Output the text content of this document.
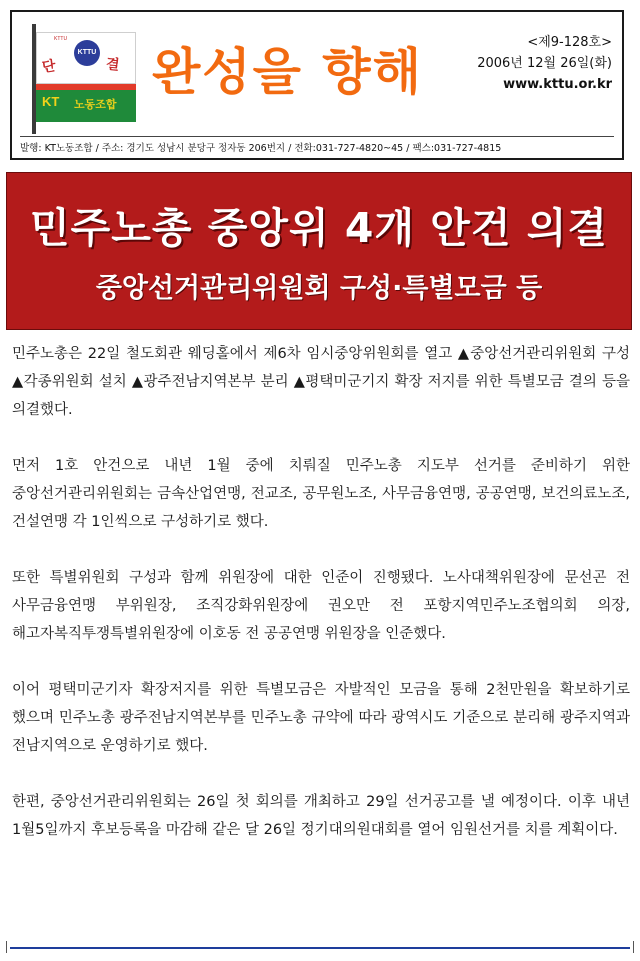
KTTU
KTTU
단	결
KT 노동조합
완성을 향해
<제9-128호>
2006년 12월 26일(화)
www.kttu.or.kr
발행: KT노동조합 / 주소: 경기도 성남시 분당구 정자동 206번지 / 전화:031-727-4820~45 / 팩스:031-727-4815
민주노총 중앙위 4개 안건 의결
중앙선거관리위원회 구성·특별모금 등

민주노총은 22일 철도회관 웨딩홀에서 제6차 임시중앙위원회를 열고 ▲중앙선거관리위원회 구성 ▲각종위원회 설치 ▲광주전남지역본부 분리 ▲평택미군기지 확장 저지를 위한 특별모금 결의 등을 의결했다.

먼저 1호 안건으로 내년 1월 중에 치뤄질 민주노총 지도부 선거를 준비하기 위한 중앙선거관리위원회는 금속산업연맹, 전교조, 공무원노조, 사무금융연맹, 공공연맹, 보건의료노조, 건설연맹 각 1인씩으로 구성하기로 했다.

또한 특별위원회 구성과 함께 위원장에 대한 인준이 진행됐다. 노사대책위원장에 문선곤 전 사무금융연맹 부위원장, 조직강화위원장에 권오만 전 포항지역민주노조협의회 의장, 해고자복직투쟁특별위원장에 이호동 전 공공연맹 위원장을 인준했다.

이어 평택미군기자 확장저지를 위한 특별모금은 자발적인 모금을 통해 2천만원을 확보하기로 했으며 민주노총 광주전남지역본부를 민주노총 규약에 따라 광역시도 기준으로 분리해 광주지역과 전남지역으로 운영하기로 했다.

한편, 중앙선거관리위원회는 26일 첫 회의를 개최하고 29일 선거공고를 낼 예정이다. 이후 내년 1월5일까지 후보등록을 마감해 같은 달 26일 정기대의원대회를 열어 임원선거를 치를 계획이다.
